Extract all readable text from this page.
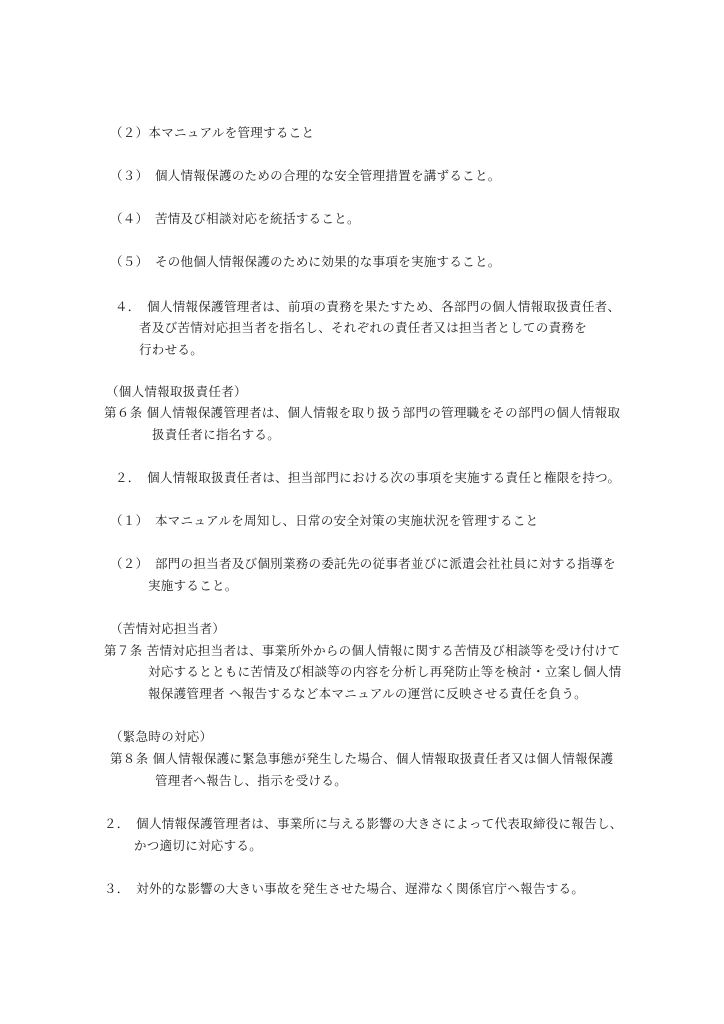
（２）本マニュアルを管理すること
（３）　個人情報保護のための合理的な安全管理措置を講ずること。
（４）　苦情及び相談対応を統括すること。
（５）　その他個人情報保護のために効果的な事項を実施すること。
４．　個人情報保護管理者は、前項の責務を果たすため、各部門の個人情報取扱責任者、
者及び苦情対応担当者を指名し、それぞれの責任者又は担当者としての責務を
行わせる。
（個人情報取扱責任者）
第６条 個人情報保護管理者は、個人情報を取り扱う部門の管理職をその部門の個人情報取
扱責任者に指名する。
２．　個人情報取扱責任者は、担当部門における次の事項を実施する責任と権限を持つ。
（１）　本マニュアルを周知し、日常の安全対策の実施状況を管理すること
（２）　部門の担当者及び個別業務の委託先の従事者並びに派遣会社社員に対する指導を
実施すること。
（苦情対応担当者）
第７条 苦情対応担当者は、事業所外からの個人情報に関する苦情及び相談等を受け付けて
対応するとともに苦情及び相談等の内容を分析し再発防止等を検討・立案し個人情
報保護管理者 へ報告するなど本マニュアルの運営に反映させる責任を負う。
（緊急時の対応）
第８条 個人情報保護に緊急事態が発生した場合、個人情報取扱責任者又は個人情報保護
管理者へ報告し、指示を受ける。
２．　個人情報保護管理者は、事業所に与える影響の大きさによって代表取締役に報告し、
かつ適切に対応する。
３．　対外的な影響の大きい事故を発生させた場合、遅滞なく関係官庁へ報告する。
